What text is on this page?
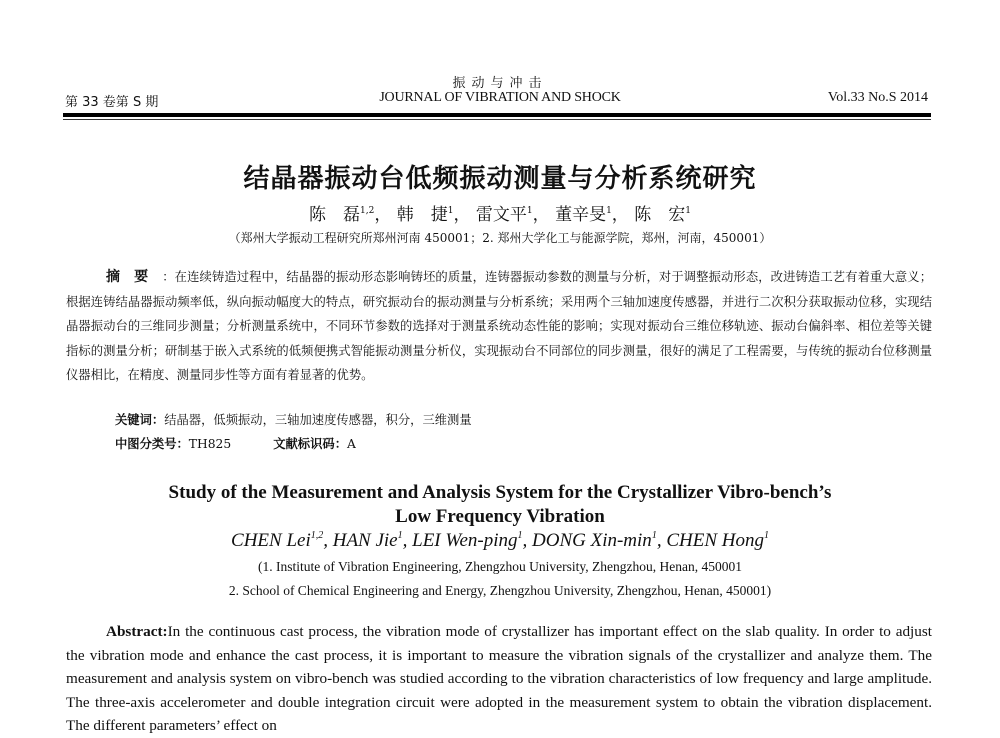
振动与冲击
第 33 卷第 S 期	JOURNAL OF VIBRATION AND SHOCK	Vol.33 No.S 2014
结晶器振动台低频振动测量与分析系统研究
陈　磊$^{1,2}$， 韩　捷$^1$， 雷文平$^1$， 董辛旻$^1$， 陈　宏$^1$
（郑州大学振动工程研究所郑州河南 450001；2. 郑州大学化工与能源学院，郑州，河南，450001）
摘要：在连续铸造过程中，结晶器的振动形态影响铸坯的质量，连铸器振动参数的测量与分析，对于调整振动形态，改进铸造工艺有着重大意义；根据连铸结晶器振动频率低，纵向振动幅度大的特点，研究振动台的振动测量与分析系统；采用两个三轴加速度传感器，并进行二次积分获取振动位移，实现结晶器振动台的三维同步测量；分析测量系统中，不同环节参数的选择对于测量系统动态性能的影响；实现对振动台三维位移轨迹、振动台偏斜率、相位差等关键指标的测量分析；研制基于嵌入式系统的低频便携式智能振动测量分析仪，实现振动台不同部位的同步测量，很好的满足了工程需要，与传统的振动台位移测量仪器相比，在精度、测量同步性等方面有着显著的优势。
关键词：结晶器，低频振动，三轴加速度传感器，积分，三维测量
中图分类号：TH825	文献标识码：A
Study of the Measurement and Analysis System for the Crystallizer Vibro-bench’s
Low Frequency Vibration
CHEN Lei$^{1,2}$, HAN Jie$^1$, LEI Wen-ping$^1$, DONG Xin-$\min^1$, CHEN Hong$^1$
(1. Institute of Vibration Engineering, Zhengzhou University, Zhengzhou, Henan, 450001
2. School of Chemical Engineering and Energy, Zhengzhou University, Zhengzhou, Henan, 450001)
Abstract:In the continuous cast process, the vibration mode of crystallizer has important effect on the slab quality. In order to adjust the vibration mode and enhance the cast process, it is important to measure the vibration signals of the crystallizer and analyze them. The measurement and analysis system on vibro-bench was studied according to the vibration characteristics of low frequency and large amplitude. The three-axis accelerometer and double integration circuit were adopted in the measurement system to obtain the vibration displacement. The different parameters’ effect on
